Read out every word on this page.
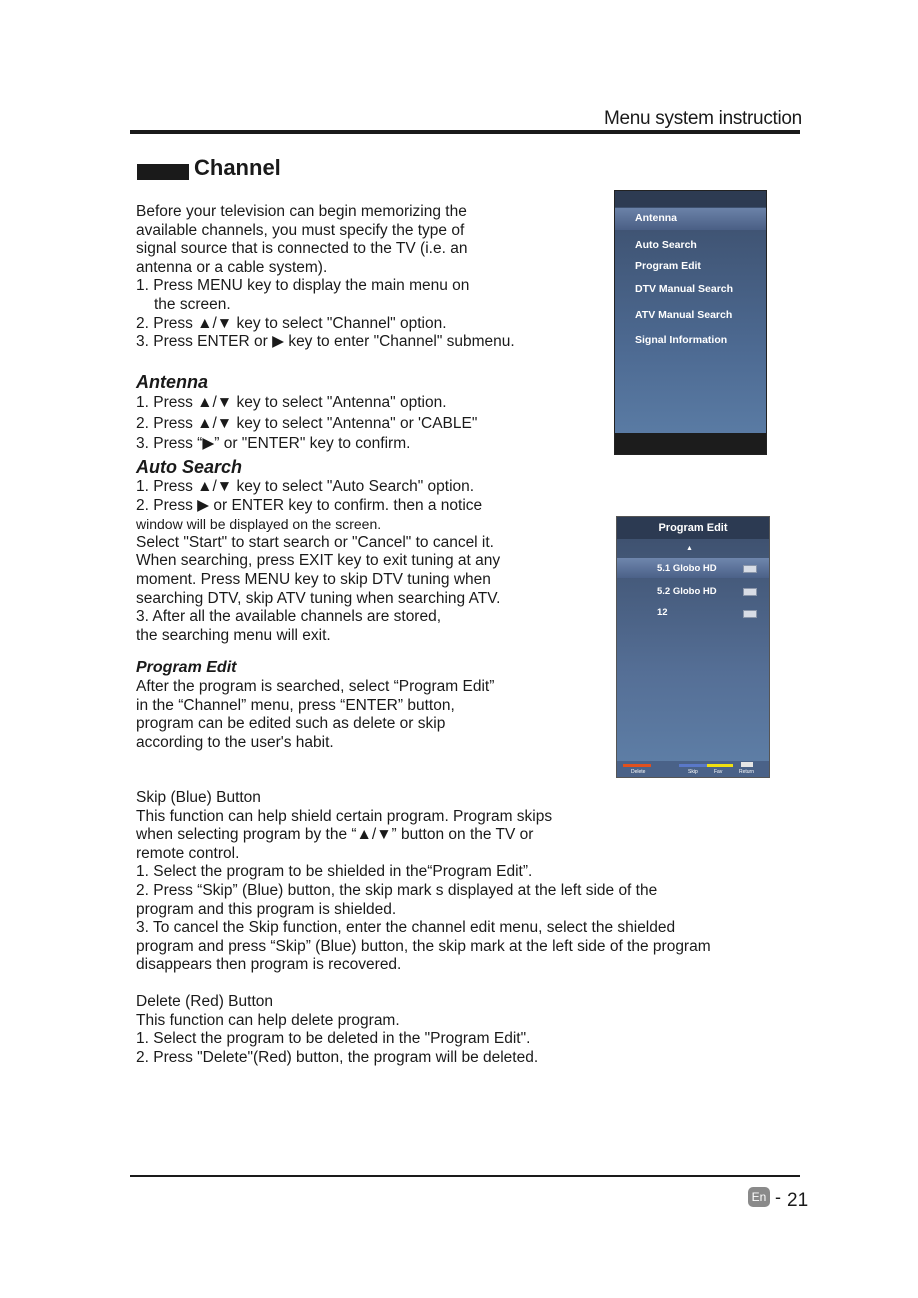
Menu system instruction
Channel

Before your television can begin memorizing the

available channels, you must specify the type of

signal source that is connected to the TV (i.e. an

antenna or a cable system).

1. Press MENU key to display the main menu on

the screen.

2. Press ▲/▼ key to select "Channel" option.

3. Press ENTER or ▶ key to enter "Channel" submenu.

Antenna

1. Press ▲/▼ key to select "Antenna" option.

2. Press ▲/▼ key to select "Antenna" or 'CABLE"

3. Press “▶” or "ENTER" key to confirm.

Auto Search

1. Press ▲/▼ key to select "Auto Search" option.

2. Press ▶ or ENTER key to confirm. then a notice

window will be displayed on the screen.

Select "Start" to start search or "Cancel" to cancel it.

When searching, press EXIT key to exit tuning at any

moment. Press MENU key to skip DTV tuning when

searching DTV, skip ATV tuning when searching ATV.

3. After all the available channels are stored,

the searching menu will exit.

Program Edit

After the program is searched, select “Program Edit”

in the “Channel” menu, press “ENTER” button,

program can be edited such as delete or skip

according to the user's habit.

Skip (Blue) Button

This function can help shield certain program. Program skips

when selecting program by the “▲/▼” button on the TV or

remote control.

1. Select the program to be shielded in the“Program Edit”.

2. Press “Skip” (Blue) button, the skip mark s displayed at the left side of the

program and this program is shielded.

3. To cancel the Skip function, enter the channel edit menu, select the shielded

program and press “Skip” (Blue) button, the skip mark at the left side of the program

disappears then program is recovered.

Delete (Red) Button

This function can help delete program.

1. Select the program to be deleted in the "Program Edit".

2. Press "Delete"(Red) button, the program will be deleted.

Antenna
Auto Search
Program Edit
DTV Manual Search
ATV Manual Search
Signal Information
Program Edit
▲
5.1 Globo HD
5.2 Globo HD
12
Delete	Skip	Fav	Return
En - 21
